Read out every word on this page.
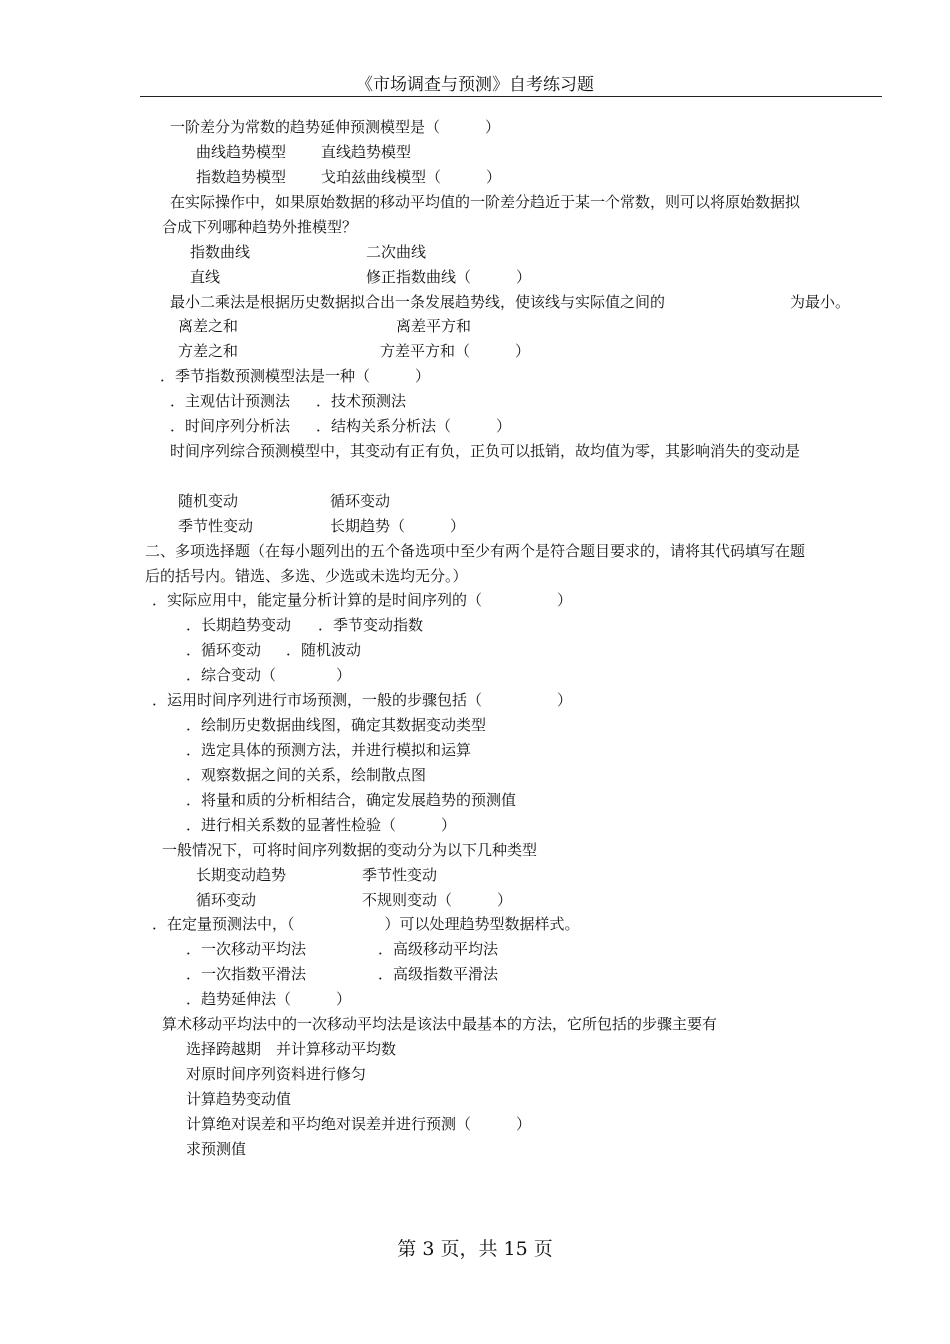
《市场调查与预测》自考练习题
一阶差分为常数的趋势延伸预测模型是（　　　）
曲线趋势模型 直线趋势模型
指数趋势模型 戈珀兹曲线模型（　　　）
在实际操作中，如果原始数据的移动平均值的一阶差分趋近于某一个常数，则可以将原始数据拟
合成下列哪种趋势外推模型？
指数曲线	二次曲线
直线	修正指数曲线（　　　）
最小二乘法是根据历史数据拟合出一条发展趋势线，使该线与实际值之间的	为最小。
离差之和	离差平方和
方差之和	方差平方和（　　　）
．季节指数预测模型法是一种（　　　）
．主观估计预测法 ．技术预测法
．时间序列分析法 ．结构关系分析法（　　　）
时间序列综合预测模型中，其变动有正有负，正负可以抵销，故均值为零，其影响消失的变动是
随机变动	循环变动
季节性变动	长期趋势（　　　）
二、多项选择题（在每小题列出的五个备选项中至少有两个是符合题目要求的，请将其代码填写在题
后的括号内。错选、多选、少选或未选均无分。）
．实际应用中，能定量分析计算的是时间序列的（　　　　　）
．长期趋势变动 ．季节变动指数
．循环变动 ．随机波动
．综合变动（　　　　）
．运用时间序列进行市场预测，一般的步骤包括（　　　　　）
．绘制历史数据曲线图，确定其数据变动类型
．选定具体的预测方法，并进行模拟和运算
．观察数据之间的关系，绘制散点图
．将量和质的分析相结合，确定发展趋势的预测值
．进行相关系数的显著性检验（　　　）
一般情况下，可将时间序列数据的变动分为以下几种类型
长期变动趋势	季节性变动
循环变动	不规则变动（　　　）
．在定量预测法中，（　　　　　　）可以处理趋势型数据样式。
．一次移动平均法	．高级移动平均法
．一次指数平滑法	．高级指数平滑法
．趋势延伸法（　　　）
算术移动平均法中的一次移动平均法是该法中最基本的方法，它所包括的步骤主要有
选择跨越期　并计算移动平均数
对原时间序列资料进行修匀
计算趋势变动值
计算绝对误差和平均绝对误差并进行预测（　　　）
求预测值
第 3 页，共 15 页
